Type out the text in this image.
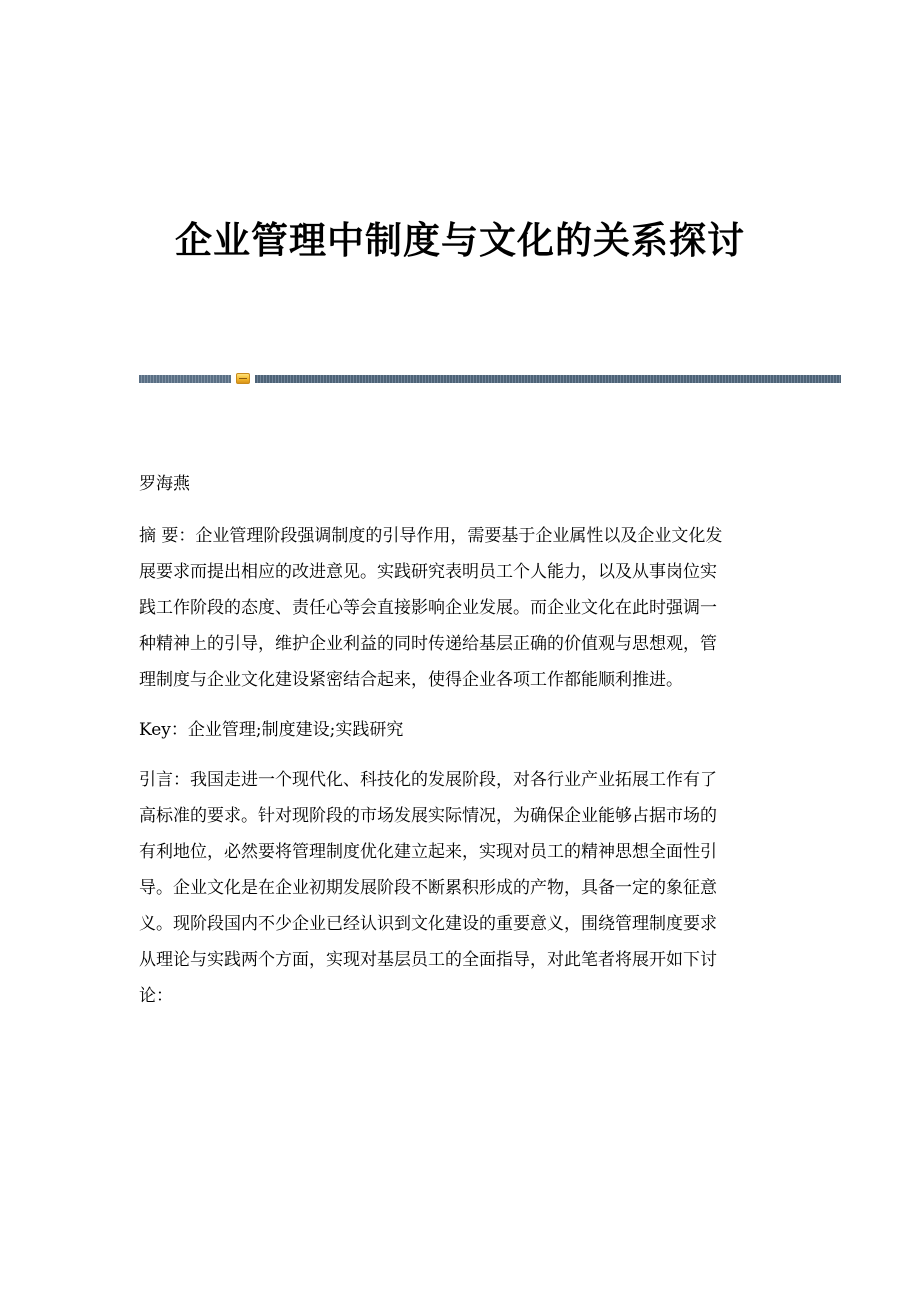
企业管理中制度与文化的关系探讨

罗海燕

摘 要：企业管理阶段强调制度的引导作用，需要基于企业属性以及企业文化发

展要求而提出相应的改进意见。实践研究表明员工个人能力，以及从事岗位实

践工作阶段的态度、责任心等会直接影响企业发展。而企业文化在此时强调一

种精神上的引导，维护企业利益的同时传递给基层正确的价值观与思想观，管

理制度与企业文化建设紧密结合起来，使得企业各项工作都能顺利推进。

Key：企业管理;制度建设;实践研究

引言：我国走进一个现代化、科技化的发展阶段，对各行业产业拓展工作有了

高标准的要求。针对现阶段的市场发展实际情况，为确保企业能够占据市场的

有利地位，必然要将管理制度优化建立起来，实现对员工的精神思想全面性引

导。企业文化是在企业初期发展阶段不断累积形成的产物，具备一定的象征意

义。现阶段国内不少企业已经认识到文化建设的重要意义，围绕管理制度要求

从理论与实践两个方面，实现对基层员工的全面指导，对此笔者将展开如下讨

论：
